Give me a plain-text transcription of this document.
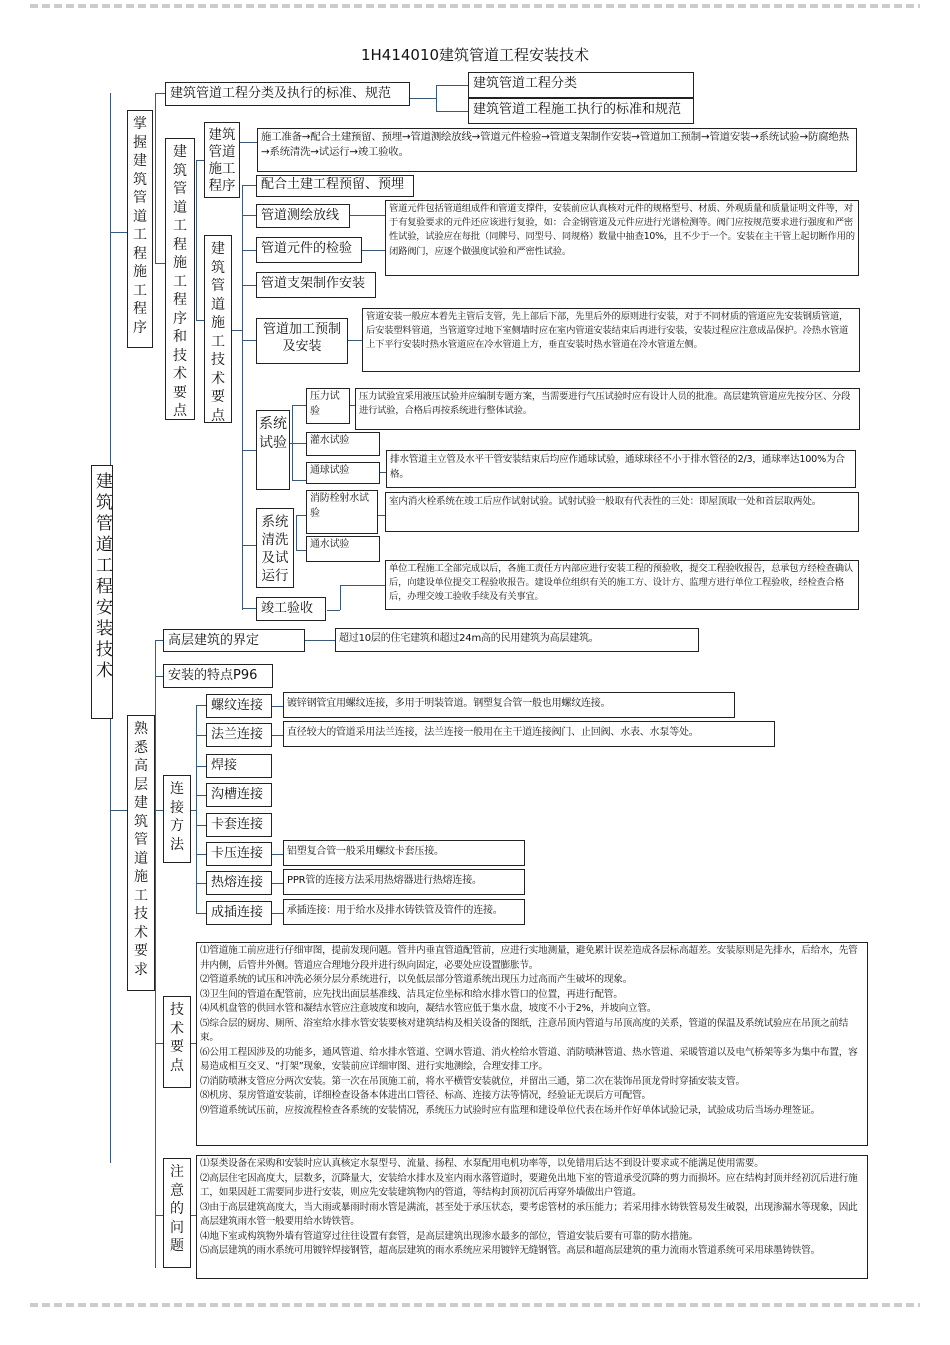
1H414010建筑管道工程安装技术
建筑管道工程安装技术
掌握建筑管道工程施工程序
建筑管道工程分类及执行的标准、规范
建筑管道工程分类
建筑管道工程施工执行的标准和规范
建筑管道工程施工程序和技术要点
建筑管道施工程序
施工准备→配合土建预留、预埋→管道测绘放线→管道元件检验→管道支架制作安装→管道加工预制→管道安装→系统试验→防腐绝热→系统清洗→试运行→竣工验收。
建筑管道施工技术要点
配合土建工程预留、预埋
管道测绘放线
管道元件的检验
管道元件包括管道组成件和管道支撑件，安装前应认真核对元件的规格型号、材质、外观质量和质量证明文件等，对于有复验要求的元件还应该进行复验，如：合金钢管道及元件应进行光谱检测等。阀门应按规范要求进行强度和严密性试验，试验应在每批（同牌号、同型号、同规格）数量中抽查10%，且不少于一个。安装在主干管上起切断作用的闭路阀门，应逐个做强度试验和严密性试验。
管道支架制作安装
管道加工预制及安装
管道安装一般应本着先主管后支管，先上部后下部，先里后外的原则进行安装，对于不同材质的管道应先安装钢质管道，后安装塑料管道，当管道穿过地下室侧墙时应在室内管道安装结束后再进行安装，安装过程应注意成品保护。冷热水管道上下平行安装时热水管道应在冷水管道上方，垂直安装时热水管道在冷水管道左侧。
系统试验
压力试验
压力试验宜采用液压试验并应编制专题方案，当需要进行气压试验时应有设计人员的批准。高层建筑管道应先按分区、分段进行试验，合格后再按系统进行整体试验。
灌水试验
通球试验
排水管道主立管及水平干管安装结束后均应作通球试验，通球球径不小于排水管径的2/3，通球率达100%为合格。
消防栓射水试验
室内消火栓系统在竣工后应作试射试验。试射试验一般取有代表性的三处：即屋顶取一处和首层取两处。
通水试验
系统清洗及试运行
竣工验收
单位工程施工全部完成以后，各施工责任方内部应进行安装工程的预验收，提交工程验收报告，总承包方经检查确认后，向建设单位提交工程验收报告。建设单位组织有关的施工方、设计方、监理方进行单位工程验收，经检查合格后，办理交竣工验收手续及有关事宜。
熟悉高层建筑管道施工技术要求
高层建筑的界定	超过10层的住宅建筑和超过24m高的民用建筑为高层建筑。
安装的特点P96
连接方法
螺纹连接	镀锌钢管宜用螺纹连接，多用于明装管道。钢塑复合管一般也用螺纹连接。
法兰连接	直径较大的管道采用法兰连接，法兰连接一般用在主干道连接阀门、止回阀、水表、水泵等处。
焊接
沟槽连接
卡套连接
卡压连接	铝塑复合管一般采用螺纹卡套压接。
热熔连接	PPR管的连接方法采用热熔器进行热熔连接。
成插连接	承插连接：用于给水及排水铸铁管及管件的连接。
技术要点

⑴管道施工前应进行仔细审图，提前发现问题。管井内垂直管道配管前，应进行实地测量，避免累计误差造成各层标高超差。安装原则是先排水，后给水，先管井内侧，后管井外侧。管道应合理地分段并进行纵向固定，必要处应设置膨胀节。

⑵管道系统的试压和冲洗必须分层分系统进行，以免低层部分管道系统出现压力过高而产生破坏的现象。

⑶卫生间的管道在配管前，应先找出面层基准线、洁具定位坐标和给水排水管口的位置，再进行配管。

⑷风机盘管的供回水管和凝结水管应注意坡度和坡向，凝结水管应低于集水盘，坡度不小于2%，并坡向立管。

⑸综合层的厨房、厕所、浴室给水排水管安装要核对建筑结构及相关设备的图纸，注意吊顶内管道与吊顶高度的关系，管道的保温及系统试验应在吊顶之前结束。

⑹公用工程因涉及的功能多，通风管道、给水排水管道、空调水管道、消火栓给水管道、消防喷淋管道、热水管道、采暖管道以及电气桥架等多为集中布置，容易造成相互交叉、“打架”现象，安装前应详细审图、进行实地测绘，合理安排工序。

⑺消防喷淋支管应分两次安装。第一次在吊顶施工前，将水平横管安装就位，并留出三通，第二次在装饰吊顶龙骨时穿插安装支管。

⑻机房、泵房管道安装前，详细检查设备本体进出口管径、标高、连接方法等情况，经验证无误后方可配管。

⑼管道系统试压前，应按流程检查各系统的安装情况，系统压力试验时应有监理和建设单位代表在场并作好单体试验记录，试验成功后当场办理签证。

注意的问题

⑴泵类设备在采购和安装时应认真核定水泵型号、流量、扬程、水泵配用电机功率等，以免错用后达不到设计要求或不能满足使用需要。

⑵高层住宅因高度大，层数多，沉降量大，安装给水排水及室内雨水落管道时，要避免出地下室的管道承受沉降的剪力而损坏。应在结构封顶并经初沉后进行施工，如果因赶工需要同步进行安装，则应先安装建筑物内的管道，等结构封顶初沉后再穿外墙做出户管道。

⑶由于高层建筑高度大，当大雨或暴雨时雨水管是满流，甚至处于承压状态，要考虑管材的承压能力；若采用排水铸铁管易发生破裂，出现渗漏水等现象，因此高层建筑雨水管一般要用给水铸铁管。

⑷地下室或构筑物外墙有管道穿过往往设置有套管，是高层建筑出现渗水最多的部位，管道安装后要有可靠的防水措施。

⑸高层建筑的雨水系统可用镀锌焊接钢管，超高层建筑的雨水系统应采用镀锌无缝钢管。高层和超高层建筑的重力流雨水管道系统可采用球墨铸铁管。
